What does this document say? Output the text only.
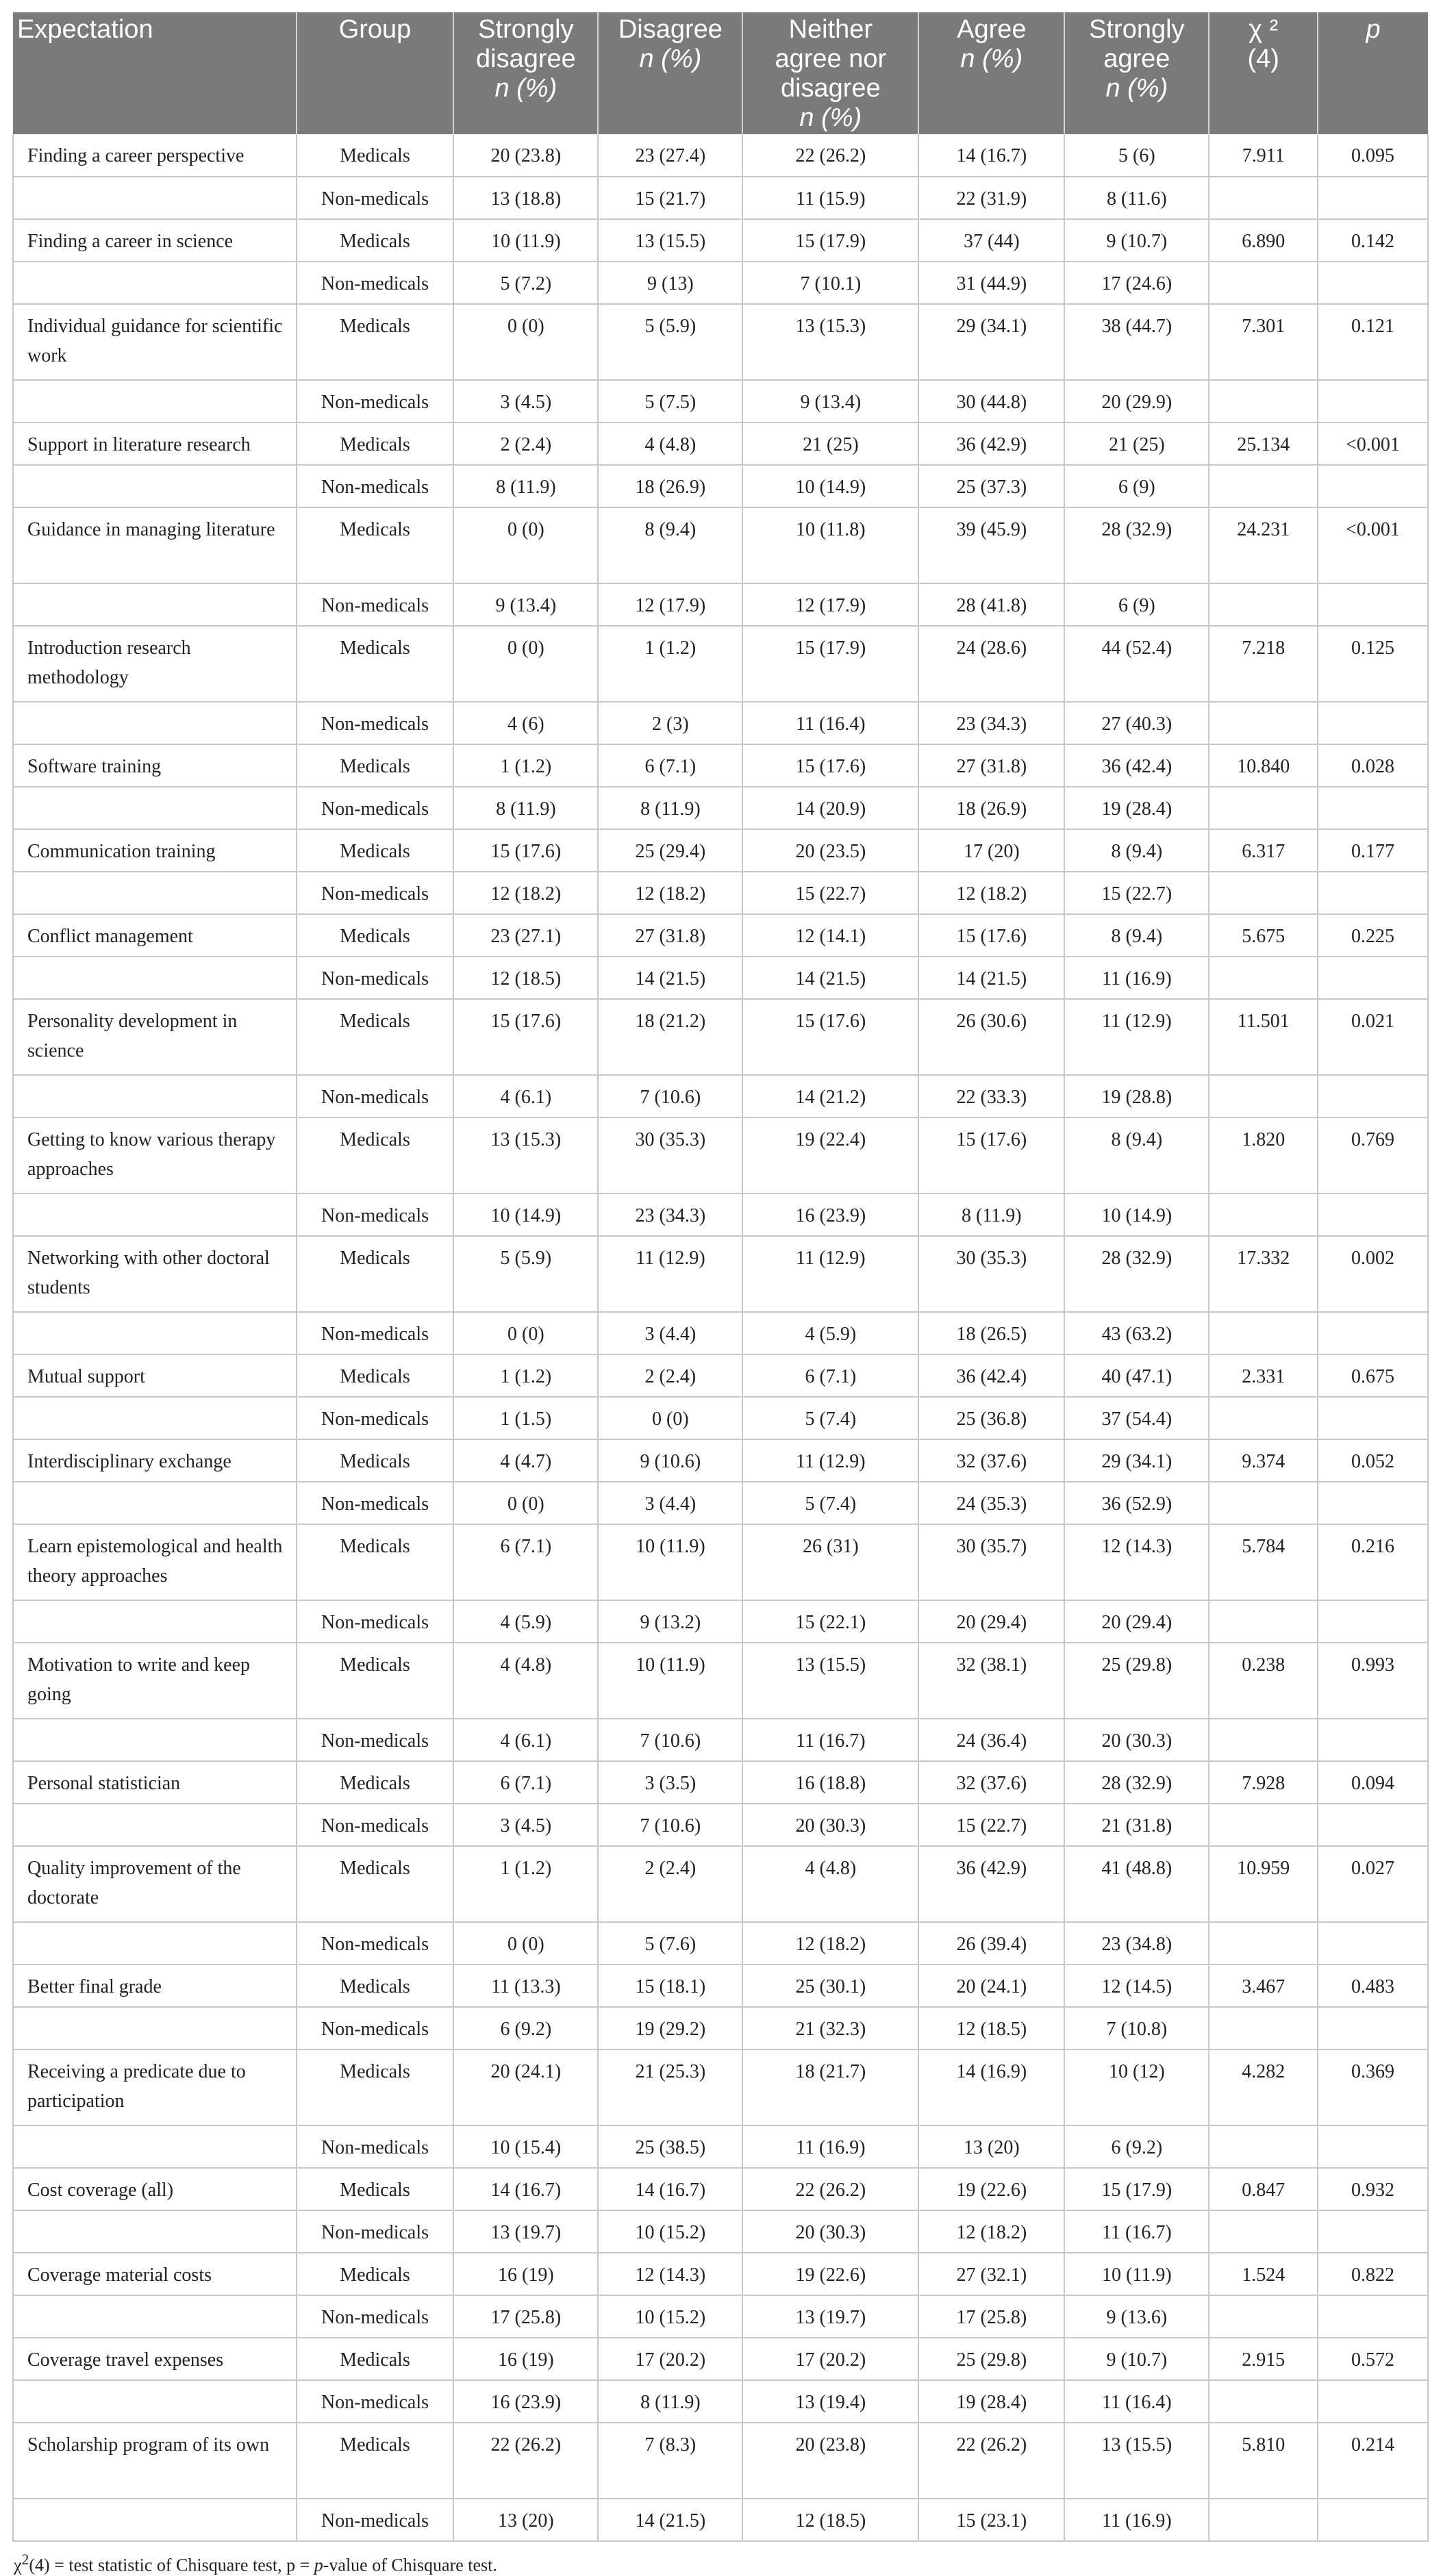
Expectation	Group	Strongly
disagree
n (%)	Disagree
n (%)	Neither
agree nor
disagree
n (%)	Agree
n (%)	Strongly
agree
n (%)	χ ²
(4)	p

Finding a career perspective	Medicals	20 (23.8)	23 (27.4)	22 (26.2)	14 (16.7)	5 (6)	7.911	0.095
	Non-medicals	13 (18.8)	15 (21.7)	11 (15.9)	22 (31.9)	8 (11.6)		
Finding a career in science	Medicals	10 (11.9)	13 (15.5)	15 (17.9)	37 (44)	9 (10.7)	6.890	0.142
	Non-medicals	5 (7.2)	9 (13)	7 (10.1)	31 (44.9)	17 (24.6)		
Individual guidance for scientific work	Medicals	0 (0)	5 (5.9)	13 (15.3)	29 (34.1)	38 (44.7)	7.301	0.121
	Non-medicals	3 (4.5)	5 (7.5)	9 (13.4)	30 (44.8)	20 (29.9)		
Support in literature research	Medicals	2 (2.4)	4 (4.8)	21 (25)	36 (42.9)	21 (25)	25.134	<0.001
	Non-medicals	8 (11.9)	18 (26.9)	10 (14.9)	25 (37.3)	6 (9)		
Guidance in managing literature	Medicals	0 (0)	8 (9.4)	10 (11.8)	39 (45.9)	28 (32.9)	24.231	<0.001
	Non-medicals	9 (13.4)	12 (17.9)	12 (17.9)	28 (41.8)	6 (9)		
Introduction research methodology	Medicals	0 (0)	1 (1.2)	15 (17.9)	24 (28.6)	44 (52.4)	7.218	0.125
	Non-medicals	4 (6)	2 (3)	11 (16.4)	23 (34.3)	27 (40.3)		
Software training	Medicals	1 (1.2)	6 (7.1)	15 (17.6)	27 (31.8)	36 (42.4)	10.840	0.028
	Non-medicals	8 (11.9)	8 (11.9)	14 (20.9)	18 (26.9)	19 (28.4)		
Communication training	Medicals	15 (17.6)	25 (29.4)	20 (23.5)	17 (20)	8 (9.4)	6.317	0.177
	Non-medicals	12 (18.2)	12 (18.2)	15 (22.7)	12 (18.2)	15 (22.7)		
Conflict management	Medicals	23 (27.1)	27 (31.8)	12 (14.1)	15 (17.6)	8 (9.4)	5.675	0.225
	Non-medicals	12 (18.5)	14 (21.5)	14 (21.5)	14 (21.5)	11 (16.9)		
Personality development in science	Medicals	15 (17.6)	18 (21.2)	15 (17.6)	26 (30.6)	11 (12.9)	11.501	0.021
	Non-medicals	4 (6.1)	7 (10.6)	14 (21.2)	22 (33.3)	19 (28.8)		
Getting to know various therapy approaches	Medicals	13 (15.3)	30 (35.3)	19 (22.4)	15 (17.6)	8 (9.4)	1.820	0.769
	Non-medicals	10 (14.9)	23 (34.3)	16 (23.9)	8 (11.9)	10 (14.9)		
Networking with other doctoral students	Medicals	5 (5.9)	11 (12.9)	11 (12.9)	30 (35.3)	28 (32.9)	17.332	0.002
	Non-medicals	0 (0)	3 (4.4)	4 (5.9)	18 (26.5)	43 (63.2)		
Mutual support	Medicals	1 (1.2)	2 (2.4)	6 (7.1)	36 (42.4)	40 (47.1)	2.331	0.675
	Non-medicals	1 (1.5)	0 (0)	5 (7.4)	25 (36.8)	37 (54.4)		
Interdisciplinary exchange	Medicals	4 (4.7)	9 (10.6)	11 (12.9)	32 (37.6)	29 (34.1)	9.374	0.052
	Non-medicals	0 (0)	3 (4.4)	5 (7.4)	24 (35.3)	36 (52.9)		
Learn epistemological and health theory approaches	Medicals	6 (7.1)	10 (11.9)	26 (31)	30 (35.7)	12 (14.3)	5.784	0.216
	Non-medicals	4 (5.9)	9 (13.2)	15 (22.1)	20 (29.4)	20 (29.4)		
Motivation to write and keep going	Medicals	4 (4.8)	10 (11.9)	13 (15.5)	32 (38.1)	25 (29.8)	0.238	0.993
	Non-medicals	4 (6.1)	7 (10.6)	11 (16.7)	24 (36.4)	20 (30.3)		
Personal statistician	Medicals	6 (7.1)	3 (3.5)	16 (18.8)	32 (37.6)	28 (32.9)	7.928	0.094
	Non-medicals	3 (4.5)	7 (10.6)	20 (30.3)	15 (22.7)	21 (31.8)		
Quality improvement of the doctorate	Medicals	1 (1.2)	2 (2.4)	4 (4.8)	36 (42.9)	41 (48.8)	10.959	0.027
	Non-medicals	0 (0)	5 (7.6)	12 (18.2)	26 (39.4)	23 (34.8)		
Better final grade	Medicals	11 (13.3)	15 (18.1)	25 (30.1)	20 (24.1)	12 (14.5)	3.467	0.483
	Non-medicals	6 (9.2)	19 (29.2)	21 (32.3)	12 (18.5)	7 (10.8)		
Receiving a predicate due to participation	Medicals	20 (24.1)	21 (25.3)	18 (21.7)	14 (16.9)	10 (12)	4.282	0.369
	Non-medicals	10 (15.4)	25 (38.5)	11 (16.9)	13 (20)	6 (9.2)		
Cost coverage (all)	Medicals	14 (16.7)	14 (16.7)	22 (26.2)	19 (22.6)	15 (17.9)	0.847	0.932
	Non-medicals	13 (19.7)	10 (15.2)	20 (30.3)	12 (18.2)	11 (16.7)		
Coverage material costs	Medicals	16 (19)	12 (14.3)	19 (22.6)	27 (32.1)	10 (11.9)	1.524	0.822
	Non-medicals	17 (25.8)	10 (15.2)	13 (19.7)	17 (25.8)	9 (13.6)		
Coverage travel expenses	Medicals	16 (19)	17 (20.2)	17 (20.2)	25 (29.8)	9 (10.7)	2.915	0.572
	Non-medicals	16 (23.9)	8 (11.9)	13 (19.4)	19 (28.4)	11 (16.4)		
Scholarship program of its own	Medicals	22 (26.2)	7 (8.3)	20 (23.8)	22 (26.2)	13 (15.5)	5.810	0.214
	Non-medicals	13 (20)	14 (21.5)	12 (18.5)	15 (23.1)	11 (16.9)		
$\chi^2(4)$ = test statistic of Chisquare test, p = p-value of Chisquare test.
